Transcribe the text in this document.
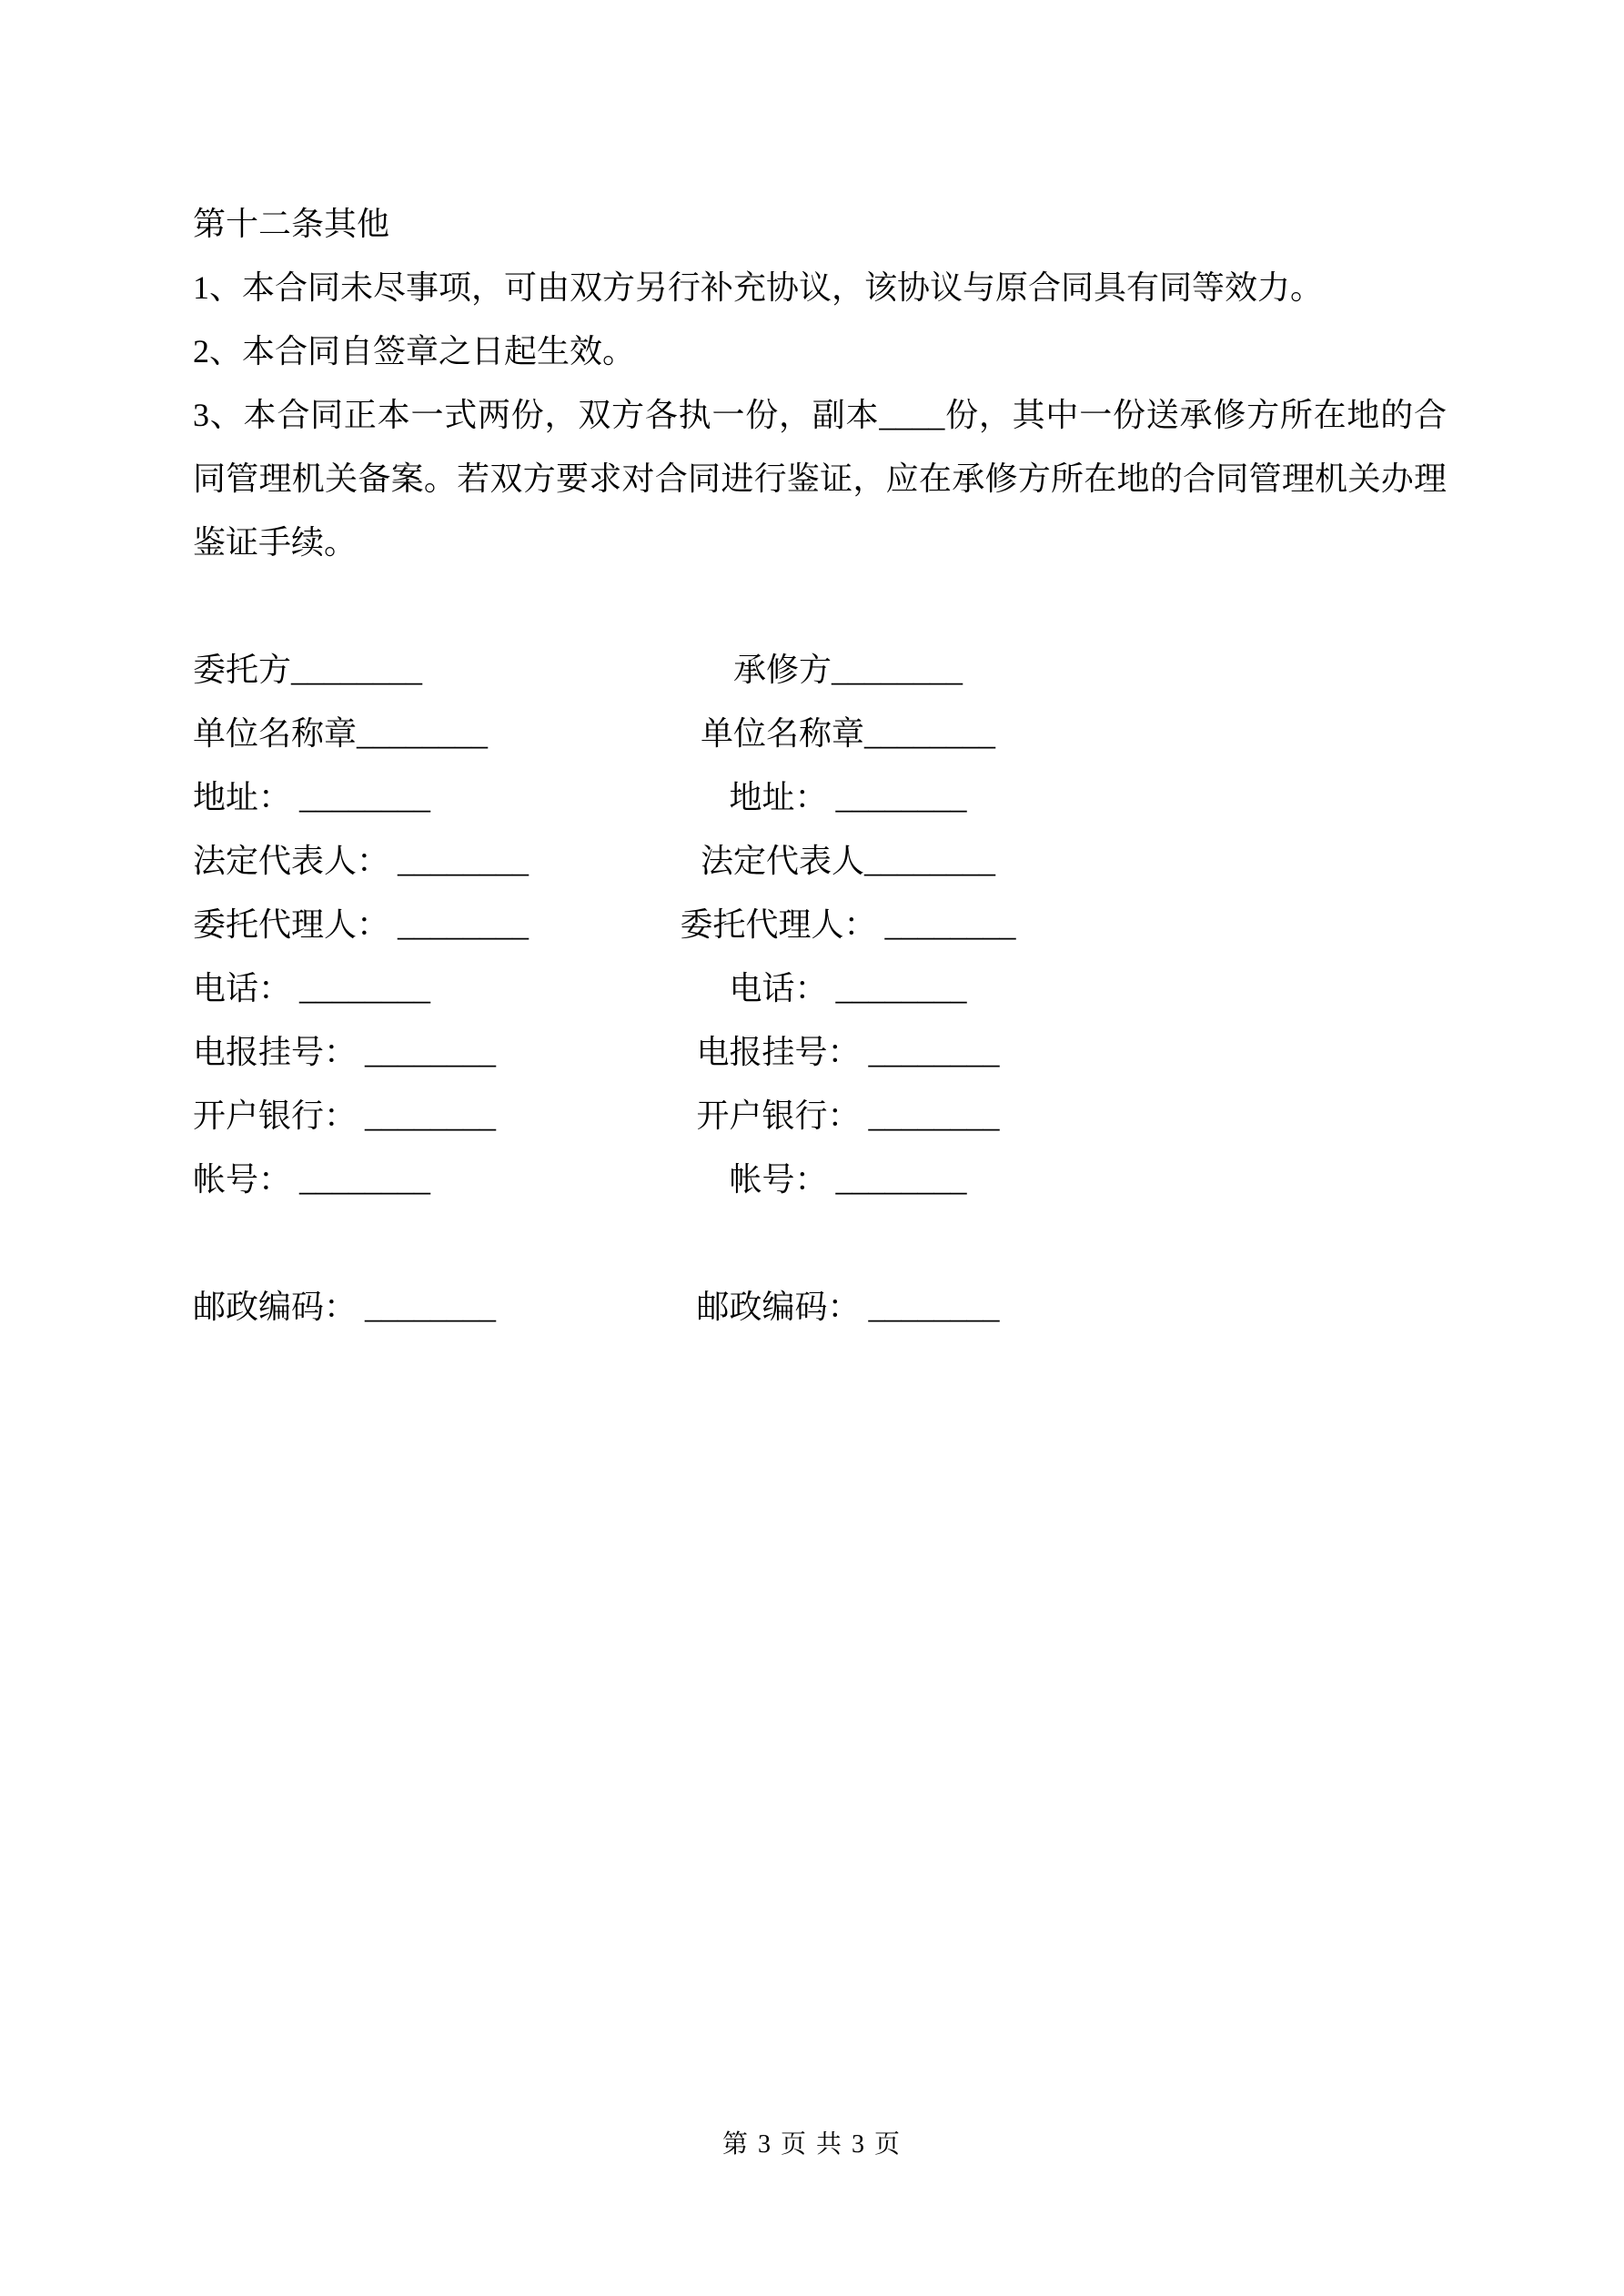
第十二条其他

1、本合同未尽事项，可由双方另行补充协议，该协议与原合同具有同等效力。

2、本合同自签章之日起生效。

3、本合同正本一式两份，双方各执一份，副本____份，其中一份送承修方所在地的合同管理机关备案。若双方要求对合同进行鉴证，应在承修方所在地的合同管理机关办理鉴证手续。

委托方________	承修方________
单位名称章________	单位名称章________
地址： ________	地址： ________
法定代表人： ________	法定代表人________
委托代理人： ________	委托代理人： ________
电话： ________	电话： ________
电报挂号： ________	电报挂号： ________
开户银行： ________	开户银行： ________
帐号： ________	帐号： ________
邮政编码： ________	邮政编码： ________
第 3 页 共 3 页
